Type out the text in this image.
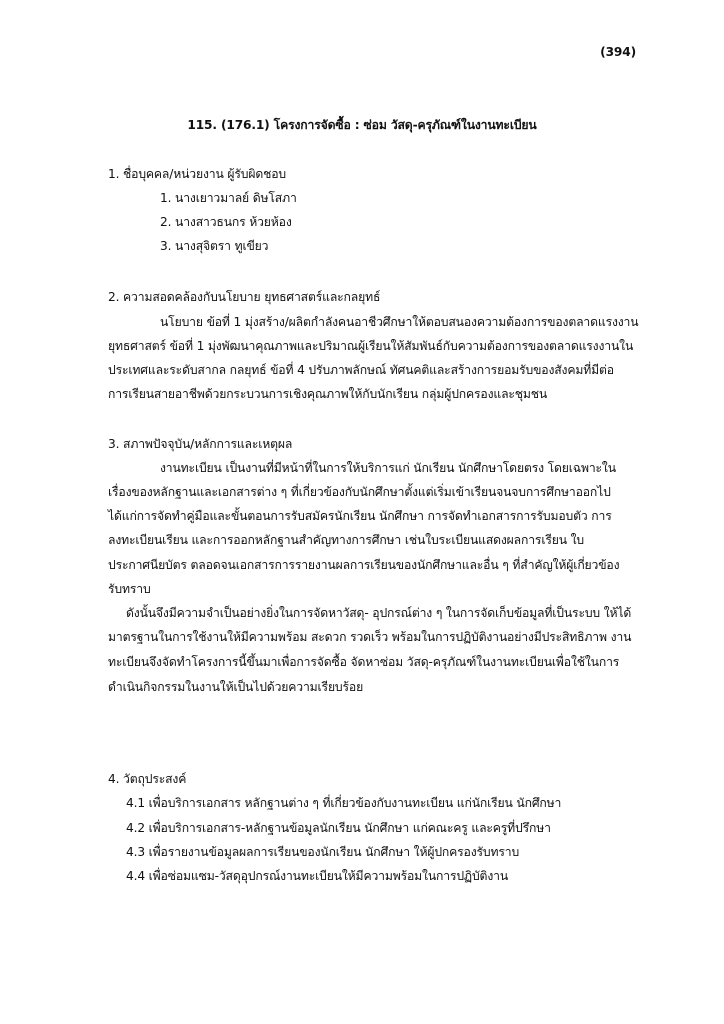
(394)
115. (176.1) โครงการจัดซื้อ : ซ่อม วัสดุ-ครุภัณฑ์ในงานทะเบียน
1. ชื่อบุคคล/หน่วยงาน ผู้รับผิดชอบ
1. นางเยาวมาลย์ ดิษโสภา
2. นางสาวธนกร ห้วยห้อง
3. นางสุจิตรา ทูเขียว
2. ความสอดคล้องกับนโยบาย ยุทธศาสตร์และกลยุทธ์
นโยบาย ข้อที่ 1 มุ่งสร้าง/ผลิตกำลังคนอาชีวศึกษาให้ตอบสนองความต้องการของตลาดแรงงาน
ยุทธศาสตร์ ข้อที่ 1 มุ่งพัฒนาคุณภาพและปริมาณผู้เรียนให้สัมพันธ์กับความต้องการของตลาดแรงงานใน
ประเทศและระดับสากล กลยุทธ์ ข้อที่ 4 ปรับภาพลักษณ์ ทัศนคติและสร้างการยอมรับของสังคมที่มีต่อ
การเรียนสายอาชีพด้วยกระบวนการเชิงคุณภาพให้กับนักเรียน กลุ่มผู้ปกครองและชุมชน
3. สภาพปัจจุบัน/หลักการและเหตุผล
งานทะเบียน เป็นงานที่มีหน้าที่ในการให้บริการแก่ นักเรียน นักศึกษาโดยตรง โดยเฉพาะใน
เรื่องของหลักฐานและเอกสารต่าง ๆ ที่เกี่ยวข้องกับนักศึกษาตั้งแต่เริ่มเข้าเรียนจนจบการศึกษาออกไป
ได้แก่การจัดทำคู่มือและขั้นตอนการรับสมัครนักเรียน นักศึกษา การจัดทำเอกสารการรับมอบตัว การ
ลงทะเบียนเรียน และการออกหลักฐานสำคัญทางการศึกษา เช่นใบระเบียนแสดงผลการเรียน ใบ
ประกาศนียบัตร ตลอดจนเอกสารการรายงานผลการเรียนของนักศึกษาและอื่น ๆ ที่สำคัญให้ผู้เกี่ยวข้อง
รับทราบ
ดังนั้นจึงมีความจำเป็นอย่างยิ่งในการจัดหาวัสดุ- อุปกรณ์ต่าง ๆ ในการจัดเก็บข้อมูลที่เป็นระบบ ให้ได้
มาตรฐานในการใช้งานให้มีความพร้อม สะดวก รวดเร็ว พร้อมในการปฏิบัติงานอย่างมีประสิทธิภาพ งาน
ทะเบียนจึงจัดทำโครงการนี้ขึ้นมาเพื่อการจัดซื้อ จัดหาซ่อม วัสดุ-ครุภัณฑ์ในงานทะเบียนเพื่อใช้ในการ
ดำเนินกิจกรรมในงานให้เป็นไปด้วยความเรียบร้อย
4. วัตถุประสงค์
4.1 เพื่อบริการเอกสาร หลักฐานต่าง ๆ ที่เกี่ยวข้องกับงานทะเบียน แก่นักเรียน นักศึกษา
4.2 เพื่อบริการเอกสาร-หลักฐานข้อมูลนักเรียน นักศึกษา แก่คณะครู และครูที่ปรึกษา
4.3 เพื่อรายงานข้อมูลผลการเรียนของนักเรียน นักศึกษา ให้ผู้ปกครองรับทราบ
4.4 เพื่อซ่อมแซม-วัสดุอุปกรณ์งานทะเบียนให้มีความพร้อมในการปฏิบัติงาน
